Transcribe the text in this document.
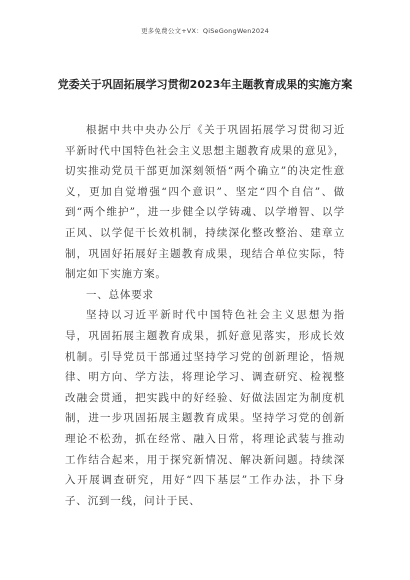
更多免费公文+VX：QiSeGongWen2024
党委关于巩固拓展学习贯彻2023年主题教育成果的实施方案

根据中共中央办公厅《关于巩固拓展学习贯彻习近平新时代中国特色社会主义思想主题教育成果的意见》，切实推动党员干部更加深刻领悟“两个确立”的决定性意义，更加自觉增强“四个意识”、坚定“四个自信”、做到“两个维护”，进一步健全以学铸魂、以学增智、以学正风、以学促干长效机制，持续深化整改整治、建章立制，巩固好拓展好主题教育成果，现结合单位实际，特制定如下实施方案。

一、总体要求

坚持以习近平新时代中国特色社会主义思想为指导，巩固拓展主题教育成果，抓好意见落实，形成长效机制。引导党员干部通过坚持学习党的创新理论，悟规律、明方向、学方法，将理论学习、调查研究、检视整改融会贯通，把实践中的好经验、好做法固定为制度机制，进一步巩固拓展主题教育成果。坚持学习党的创新理论不松劲，抓在经常、融入日常，将理论武装与推动工作结合起来，用于探究新情况、解决新问题。持续深入开展调查研究，用好“四下基层”工作办法，扑下身子、沉到一线，问计于民、
